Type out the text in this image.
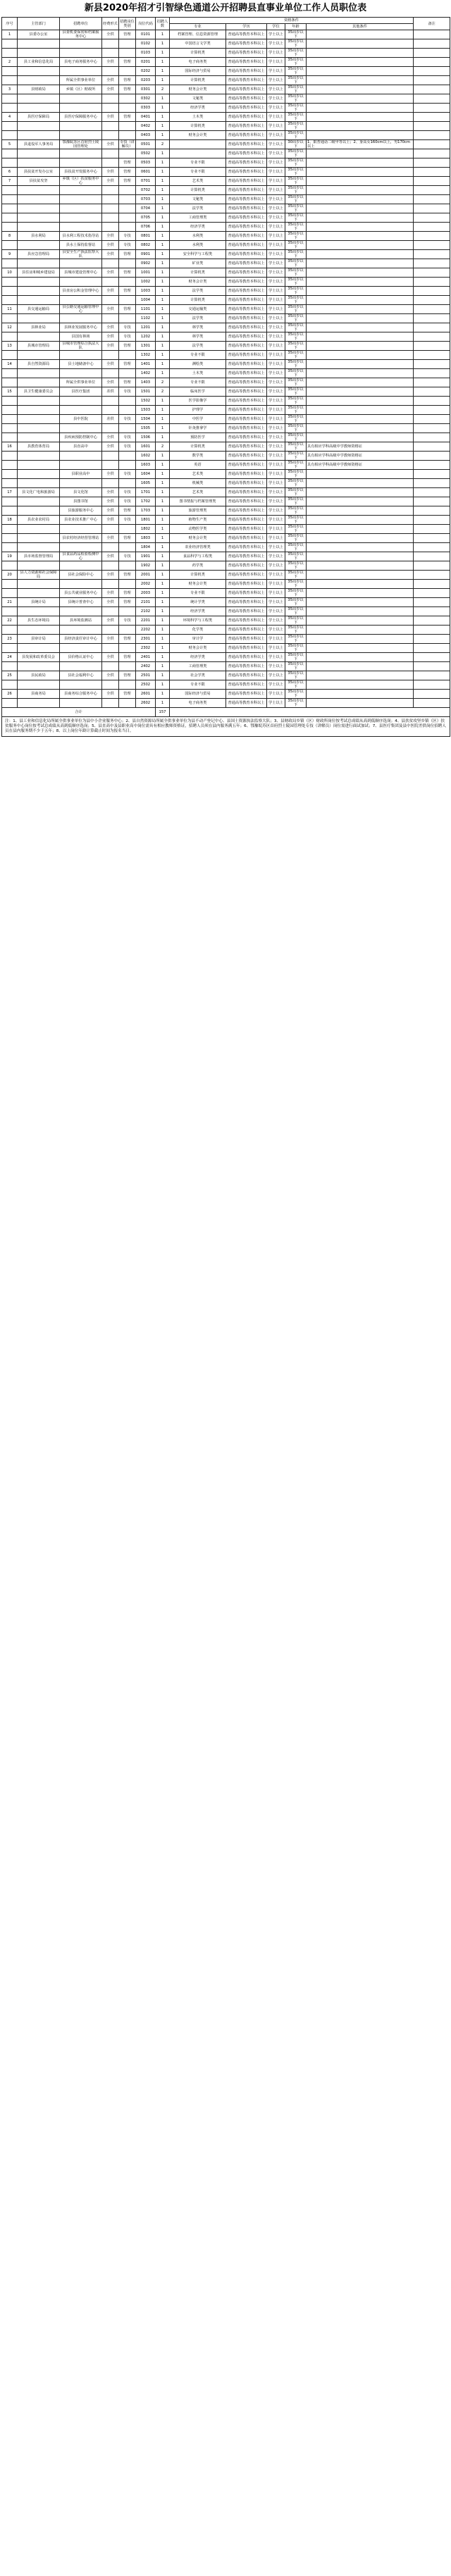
新县2020年招才引智绿色通道公开招聘县直事业单位工作人员职位表
序号	主管部门	招聘单位	经费形式	招聘岗位类别	岗位代码	招聘人数	资格条件					备注
							专业	学历	学位	年龄	其他条件	
1	县委办公室	县委机要保密和档案服务中心	全供	管理	0101	1	档案管理、信息资源管理	普通高等教育本科以上	学士以上	35周岁以下		
					0102	1	中国语言文学类	普通高等教育本科以上	学士以上	35周岁以下		
					0103	1	计算机类	普通高等教育本科以上	学士以上	35周岁以下		
2	县工业和信息化局	县电子商务服务中心	全供	管理	0201	1	电子商务类	普通高等教育本科以上	学士以上	35周岁以下		
					0202	1	国际经济与贸易	普通高等教育本科以上	学士以上	35周岁以下		
		所属全供事业单位	全供	管理	0203	1	计算机类	普通高等教育本科以上	学士以上	35周岁以下		
3	县财政局	乡镇（区）财政所	全供	管理	0301	2	财务会计类	普通高等教育本科以上	学士以上	35周岁以下		
					0302	1	文秘类	普通高等教育本科以上	学士以上	35周岁以下		
					0303	1	经济学类	普通高等教育本科以上	学士以上	35周岁以下		
4	县医疗保障局	县医疗保障服务中心	全供	管理	0401	1	土木类	普通高等教育本科以上	学士以上	35周岁以下		
					0402	1	计算机类	普通高等教育本科以上	学士以上	35周岁以下		
					0403	1	财务会计类	普通高等教育本科以上	学士以上	35周岁以下		
5	县退役军人事务局	鄂豫皖苏区首府烈士陵园管理处	全供	专技（讲解员）	0501	2		普通高等教育本科以上	学士以上	30周岁以下	1、限普通话二级甲等以上；2、身高女160cm以上，男170cm以上	
					0502	1		普通高等教育本科以上	学士以上	35周岁以下		
				管理	0503	1	专业不限	普通高等教育本科以上	学士以上	35周岁以下		
6	县扶贫开发办公室	县扶贫开发服务中心	全供	管理	0601	1	专业不限	普通高等教育本科以上	学士以上	35周岁以下		
7	县扶贫攻坚	乡镇（区）扶贫服务中心	全供	管理	0701	1	艺术类	普通高等教育本科以上	学士以上	35周岁以下		
					0702	1	计算机类	普通高等教育本科以上	学士以上	35周岁以下		
					0703	1	文秘类	普通高等教育本科以上	学士以上	35周岁以下		
					0704	1	法学类	普通高等教育本科以上	学士以上	35周岁以下		
					0705	1	工商管理类	普通高等教育本科以上	学士以上	35周岁以下		
					0706	1	经济学类	普通高等教育本科以上	学士以上	35周岁以下		
8	县水利局	县水利工程技术指导站	全供	专技	0801	1	水利类	普通高等教育本科以上	学士以上	35周岁以下		
		县水土保持监督站	全供	专技	0802	1	水利类	普通高等教育本科以上	学士以上	35周岁以下		
9	县应急管理局	县安全生产执法监察大队	全供	管理	0901	1	安全科学与工程类	普通高等教育本科以上	学士以上	35周岁以下		
					0902	1	矿业类	普通高等教育本科以上	学士以上	35周岁以下		
10	县住房和城乡建设局	县城市建设管理中心	全供	管理	1001	1	计算机类	普通高等教育本科以上	学士以上	35周岁以下		
					1002	1	财务会计类	普通高等教育本科以上	学士以上	35周岁以下		
		县直房公积金管理中心	全供	管理	1003	1	法学类	普通高等教育本科以上	学士以上	35周岁以下		
					1004	1	计算机类	普通高等教育本科以上	学士以上	35周岁以下		
11	县交通运输局	县公路交通运输管理中心	全供	管理	1101	1	交通运输类	普通高等教育本科以上	学士以上	35周岁以下		
					1102	1	法学类	普通高等教育本科以上	学士以上	35周岁以下		
12	县林业局	县林业发展服务中心	全供	专技	1201	1	林学类	普通高等教育本科以上	学士以上	35周岁以下		
		县国有林场	全供	专技	1202	1	林学类	普通高等教育本科以上	学士以上	35周岁以下		
13	县城市管理局	县城市管理综合执法大队	全供	管理	1301	1	法学类	普通高等教育本科以上	学士以上	35周岁以下		
					1302	1	专业不限	普通高等教育本科以上	学士以上	35周岁以下		
14	县自然资源局	县土地储备中心	全供	管理	1401	1	测绘类	普通高等教育本科以上	学士以上	35周岁以下		
					1402	1	土木类	普通高等教育本科以上	学士以上	35周岁以下		
		所属全供事业单位	全供	管理	1403	2	专业不限	普通高等教育本科以上	学士以上	35周岁以下		
15	县卫生健康委员会	县医疗集团	差供	专技	1501	2	临床医学	普通高等教育本科以上	学士以上	35周岁以下		
					1502	1	医学影像学	普通高等教育本科以上	学士以上	35周岁以下		
					1503	1	护理学	普通高等教育本科以上	学士以上	35周岁以下		
		县中医院	差供	专技	1504	1	中医学	普通高等教育本科以上	学士以上	35周岁以下		
					1505	1	针灸推拿学	普通高等教育本科以上	学士以上	35周岁以下		
		县疾病预防控制中心	全供	专技	1506	1	预防医学	普通高等教育本科以上	学士以上	35周岁以下		
16	县教育体育局	县直高中	全供	专技	1601	2	计算机类	普通高等教育本科以上	学士以上	35周岁以下	具有相应学科高级中学教师资格证	
					1602	1	数学类	普通高等教育本科以上	学士以上	35周岁以下	具有相应学科高级中学教师资格证	
					1603	1	英语	普通高等教育本科以上	学士以上	35周岁以下	具有相应学科高级中学教师资格证	
		县职业高中	全供	专技	1604	1	艺术类	普通高等教育本科以上	学士以上	35周岁以下		
					1605	1	机械类	普通高等教育本科以上	学士以上	35周岁以下		
17	县文化广电和旅游局	县文化馆	全供	专技	1701	1	艺术类	普通高等教育本科以上	学士以上	35周岁以下		
		县图书馆	全供	专技	1702	1	图书情报与档案管理类	普通高等教育本科以上	学士以上	35周岁以下		
		县旅游服务中心	全供	管理	1703	1	旅游管理类	普通高等教育本科以上	学士以上	35周岁以下		
18	县农业农村局	县农业技术推广中心	全供	专技	1801	1	植物生产类	普通高等教育本科以上	学士以上	35周岁以下		
					1802	1	动物医学类	普通高等教育本科以上	学士以上	35周岁以下		
		县农村经济经营管理站	全供	管理	1803	1	财务会计类	普通高等教育本科以上	学士以上	35周岁以下		
					1804	1	农业经济管理类	普通高等教育本科以上	学士以上	35周岁以下		
19	县市场监督管理局	县食品药品检验检测中心	全供	专技	1901	1	食品科学与工程类	普通高等教育本科以上	学士以上	35周岁以下		
					1902	1	药学类	普通高等教育本科以上	学士以上	35周岁以下		
20	县人力资源和社会保障局	县社会保险中心	全供	管理	2001	1	计算机类	普通高等教育本科以上	学士以上	35周岁以下		
					2002	1	财务会计类	普通高等教育本科以上	学士以上	35周岁以下		
		县公共就业服务中心	全供	管理	2003	1	专业不限	普通高等教育本科以上	学士以上	35周岁以下		
21	县统计局	县统计普查中心	全供	管理	2101	1	统计学类	普通高等教育本科以上	学士以上	35周岁以下		
					2102	1	经济学类	普通高等教育本科以上	学士以上	35周岁以下		
22	县生态环境局	县环境监测站	全供	专技	2201	1	环境科学与工程类	普通高等教育本科以上	学士以上	35周岁以下		
					2202	1	化学类	普通高等教育本科以上	学士以上	35周岁以下		
23	县审计局	县经济责任审计中心	全供	管理	2301	1	审计学	普通高等教育本科以上	学士以上	35周岁以下		
					2302	1	财务会计类	普通高等教育本科以上	学士以上	35周岁以下		
24	县发展和改革委员会	县价格认证中心	全供	管理	2401	1	经济学类	普通高等教育本科以上	学士以上	35周岁以下		
					2402	1	工商管理类	普通高等教育本科以上	学士以上	35周岁以下		
25	县民政局	县社会福利中心	全供	管理	2501	1	社会学类	普通高等教育本科以上	学士以上	35周岁以下		
					2502	1	专业不限	普通高等教育本科以上	学士以上	35周岁以下		
26	县商务局	县商务综合服务中心	全供	管理	2601	1	国际经济与贸易	普通高等教育本科以上	学士以上	35周岁以下		
					2602	1	电子商务类	普通高等教育本科以上	学士以上	35周岁以下		
合计						157						
注：1、县工业和信息化局所属全供事业单位为县中小企业服务中心；2、县自然资源局所属全供事业单位为县不动产登记中心、县国土资源执法监察大队；3、县财政局乡镇（区）财政所岗位按考试总成绩从高到低顺序选岗；4、县扶贫攻坚乡镇（区）扶贫服务中心岗位按考试总成绩从高到低顺序选岗；5、县直高中及县职业高中岗位需具有相应教师资格证，招聘人员须在县内服务满五年；6、鄂豫皖苏区首府烈士陵园管理处专技（讲解员）岗位需进行面试加试；7、县医疗集团及县中医院差供岗位招聘人员在县内服务期不少于五年；8、以上岗位年龄计算截止时间为报名当日。												
